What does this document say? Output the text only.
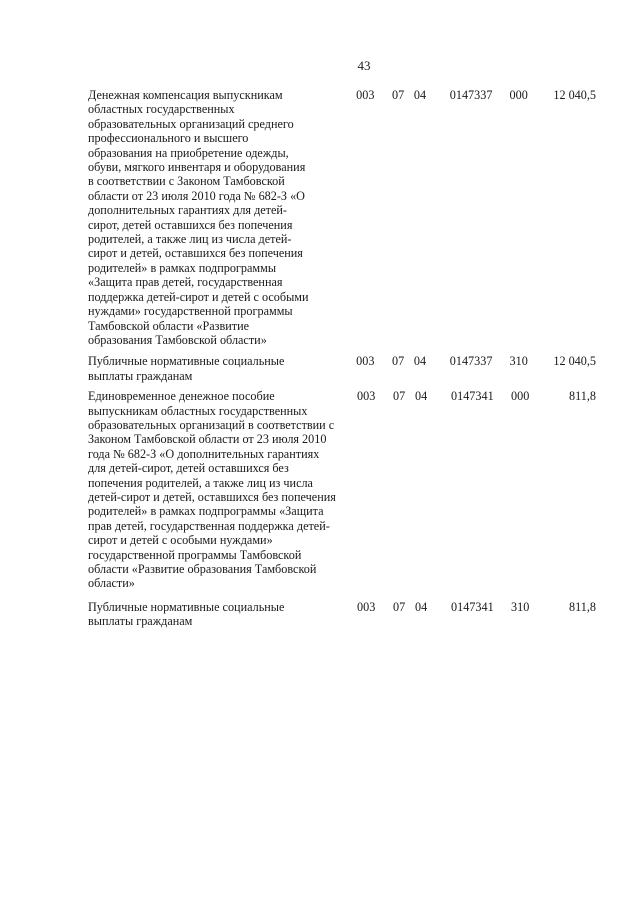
43
Денежная компенсация выпускникам областных государственных образовательных организаций среднего профессионального и высшего образования на приобретение одежды, обуви, мягкого инвентаря и оборудования в соответствии с Законом Тамбовской области от 23 июля 2010 года № 682-З «О дополнительных гарантиях для детей-сирот, детей оставшихся без попечения родителей, а также лиц из числа детей-сирот и детей, оставшихся без попечения родителей» в рамках подпрограммы «Защита прав детей, государственная поддержка детей-сирот и детей с особыми нуждами» государственной программы Тамбовской области «Развитие образования Тамбовской области»
003	07 04	0147337	000	12 040,5
Публичные нормативные социальные выплаты гражданам
003	07 04	0147337	310	12 040,5
Единовременное денежное пособие выпускникам областных государственных образовательных организаций в соответствии с Законом Тамбовской области от 23 июля 2010 года № 682-З «О дополнительных гарантиях для детей-сирот, детей оставшихся без попечения родителей, а также лиц из числа детей-сирот и детей, оставшихся без попечения родителей» в рамках подпрограммы «Защита прав детей, государственная поддержка детей-сирот и детей с особыми нуждами» государственной программы Тамбовской области «Развитие образования Тамбовской области»
003	07 04	0147341	000	811,8
Публичные нормативные социальные выплаты гражданам
003	07 04	0147341	310	811,8
